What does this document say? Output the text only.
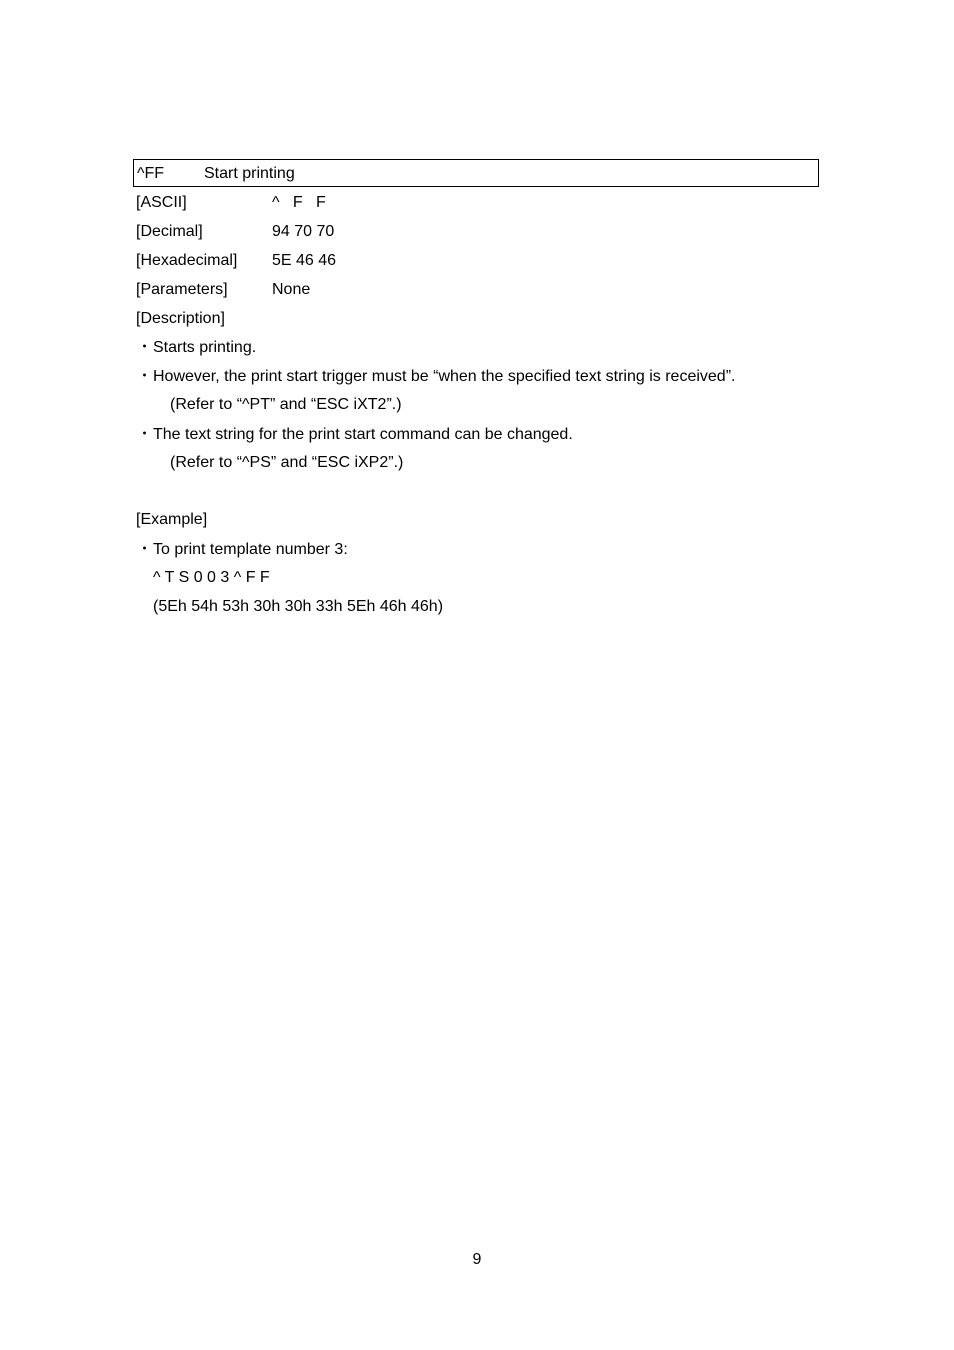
^FF Start printing
[ASCII]	^   F   F
[Decimal]	94 70 70
[Hexadecimal] 5E 46 46
[Parameters]	None
[Description]
・Starts printing.
・However, the print start trigger must be “when the specified text string is received”.
(Refer to “^PT” and “ESC iXT2”.)
・The text string for the print start command can be changed.
(Refer to “^PS” and “ESC iXP2”.)
[Example]
・To print template number 3:
^ T S 0 0 3 ^ F F
(5Eh 54h 53h 30h 30h 33h 5Eh 46h 46h)
9
